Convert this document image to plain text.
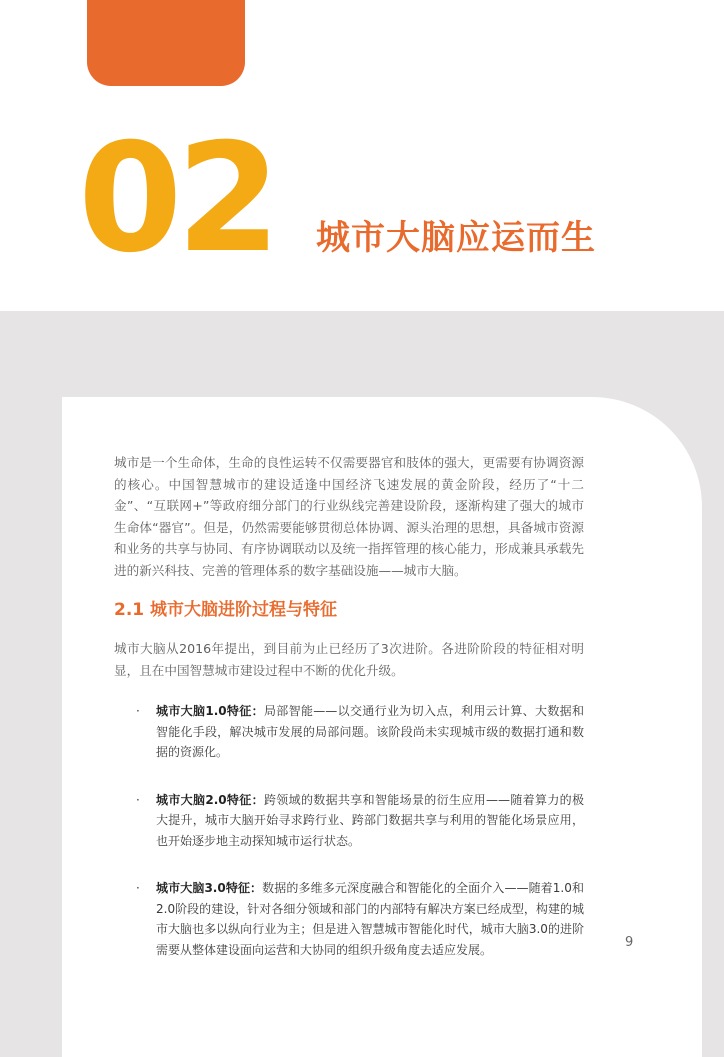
02 城市大脑应运而生

城市是一个生命体，生命的良性运转不仅需要器官和肢体的强大，更需要有协调资源的核心。中国智慧城市的建设适逢中国经济飞速发展的黄金阶段，经历了“十二金”、“互联网+”等政府细分部门的行业纵线完善建设阶段，逐渐构建了强大的城市生命体“器官”。但是，仍然需要能够贯彻总体协调、源头治理的思想，具备城市资源和业务的共享与协同、有序协调联动以及统一指挥管理的核心能力，形成兼具承载先进的新兴科技、完善的管理体系的数字基础设施——城市大脑。

2.1 城市大脑进阶过程与特征

城市大脑从2016年提出，到目前为止已经历了3次进阶。各进阶阶段的特征相对明显，且在中国智慧城市建设过程中不断的优化升级。

· 城市大脑1.0特征：局部智能——以交通行业为切入点，利用云计算、大数据和智能化手段，解决城市发展的局部问题。该阶段尚未实现城市级的数据打通和数据的资源化。
· 城市大脑2.0特征：跨领域的数据共享和智能场景的衍生应用——随着算力的极大提升，城市大脑开始寻求跨行业、跨部门数据共享与利用的智能化场景应用，也开始逐步地主动探知城市运行状态。
· 城市大脑3.0特征：数据的多维多元深度融合和智能化的全面介入——随着1.0和2.0阶段的建设，针对各细分领域和部门的内部特有解决方案已经成型，构建的城市大脑也多以纵向行业为主；但是进入智慧城市智能化时代，城市大脑3.0的进阶需要从整体建设面向运营和大协同的组织升级角度去适应发展。	9
